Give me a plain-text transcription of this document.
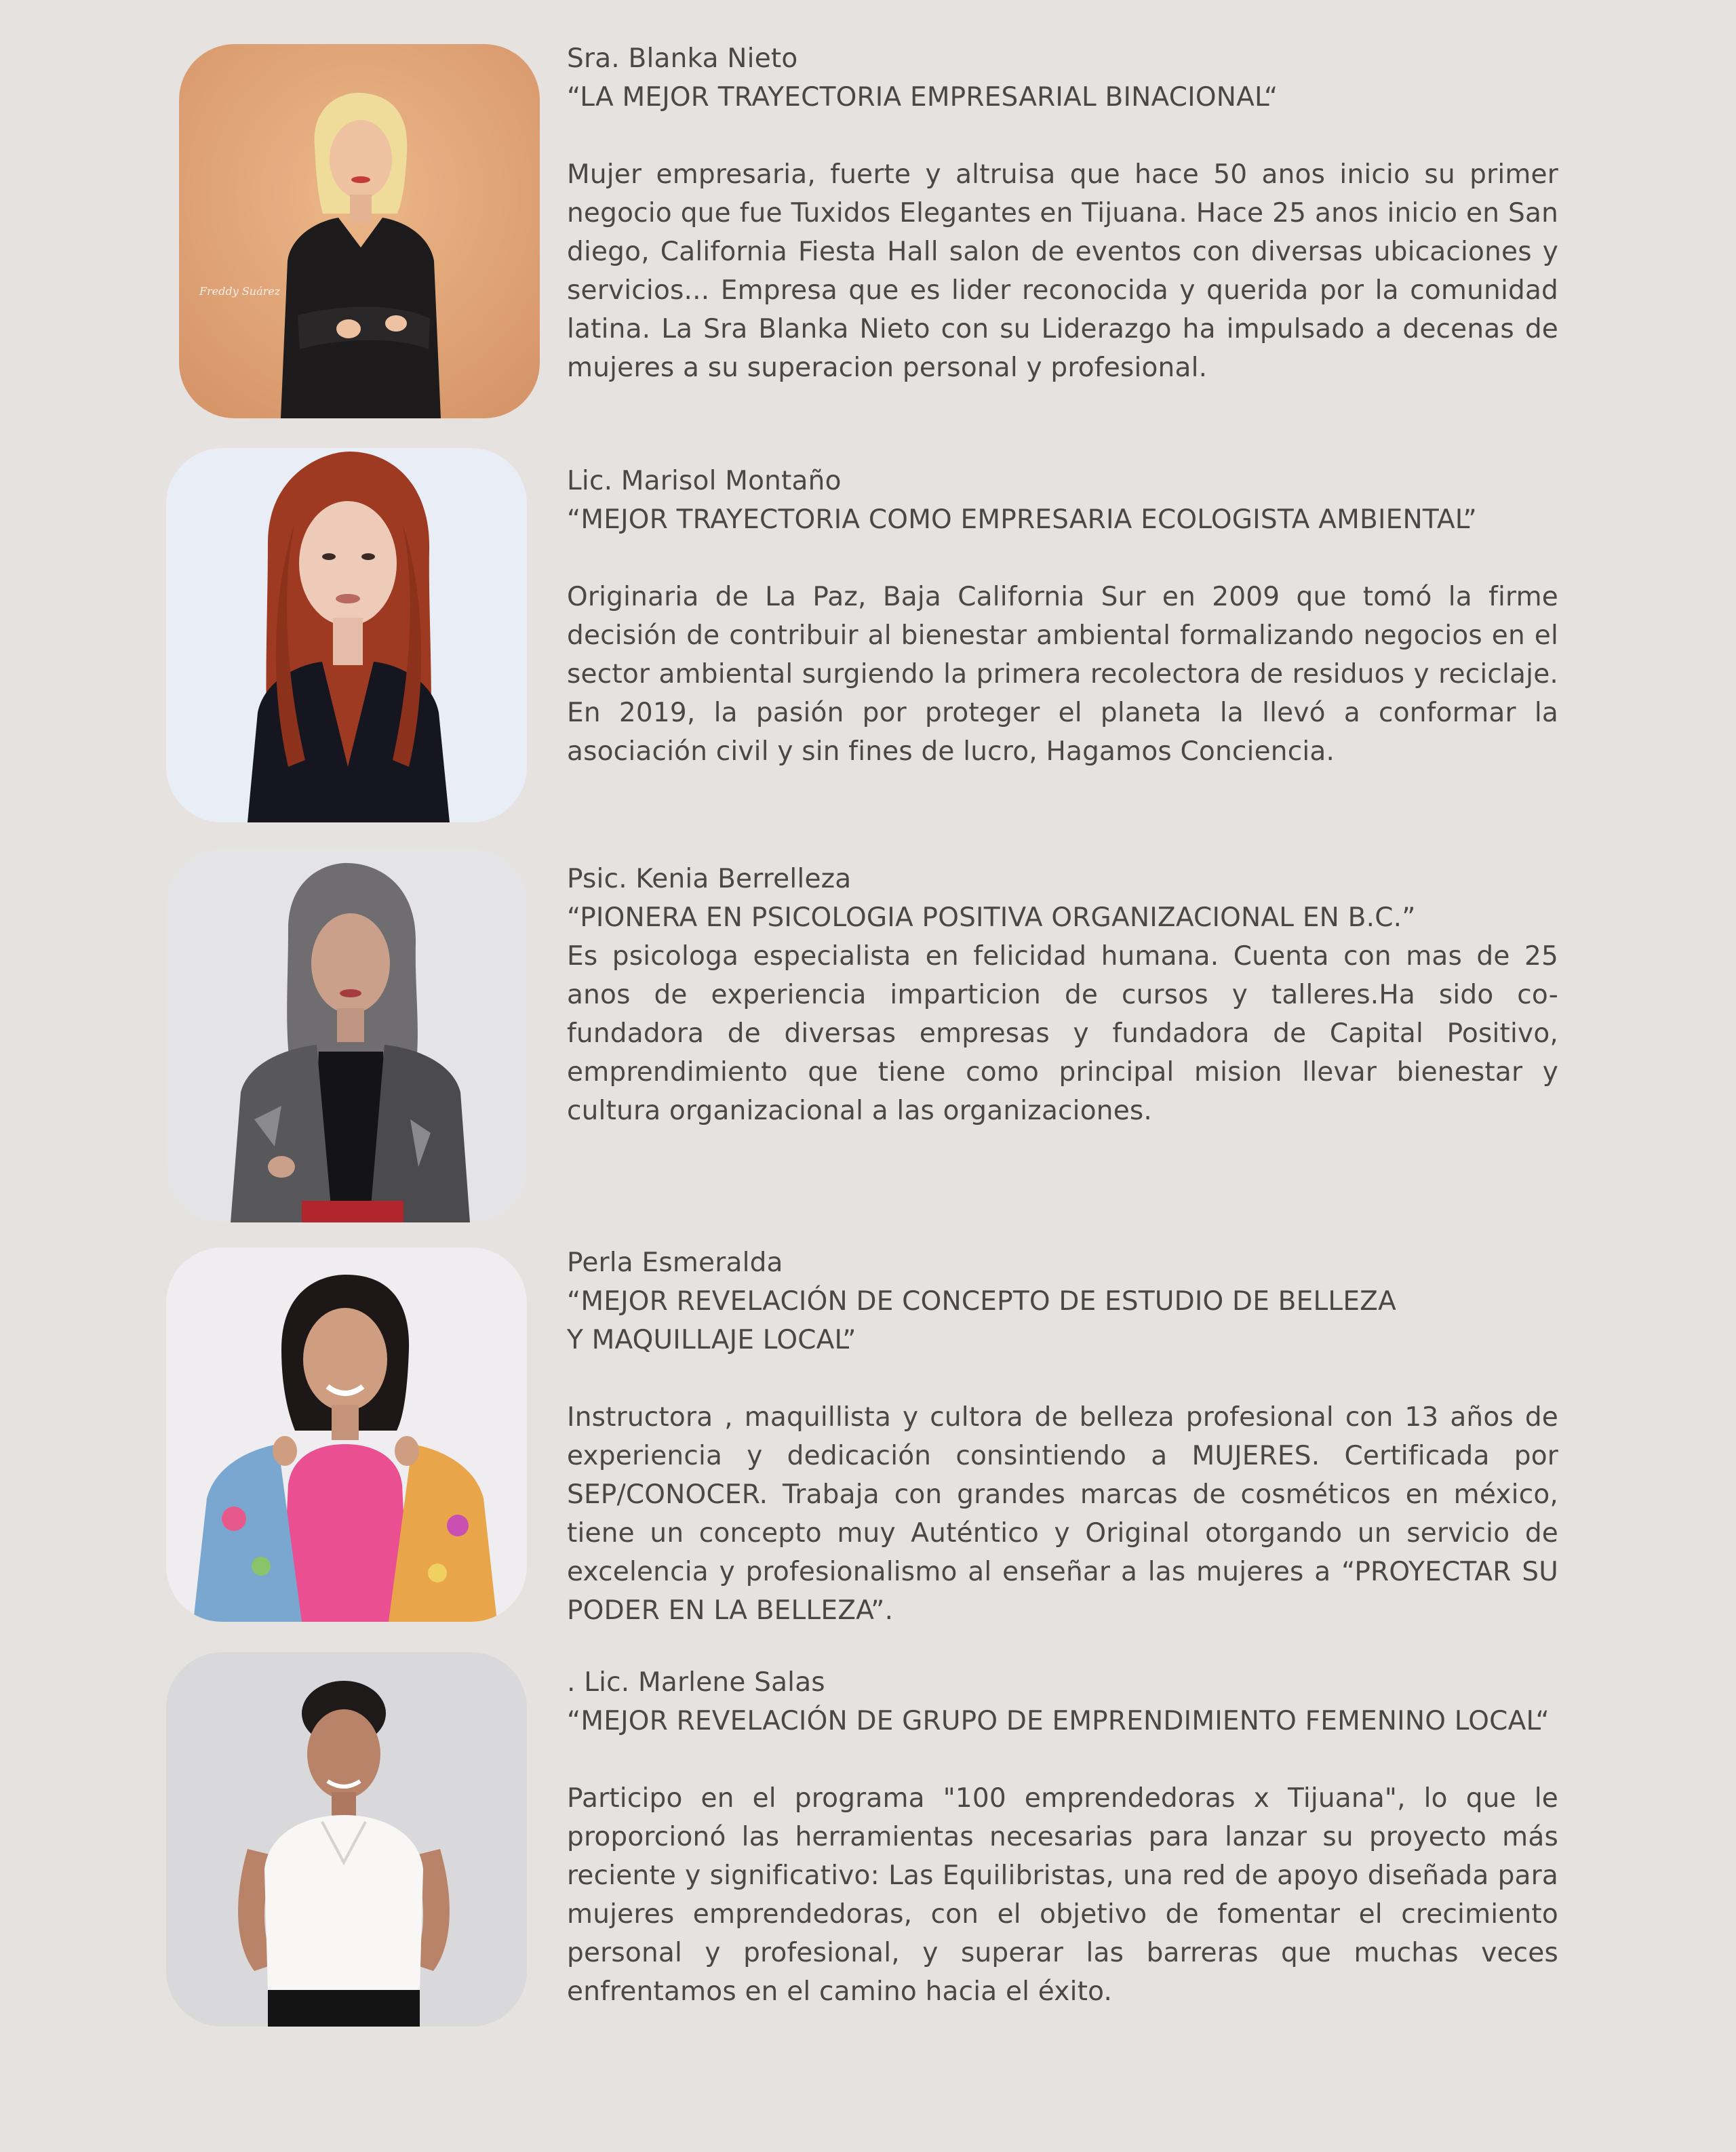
Freddy Suárez
Sra. Blanka Nieto
“LA MEJOR TRAYECTORIA EMPRESARIAL BINACIONAL“
Mujer empresaria, fuerte y altruisa que hace 50 anos inicio su primer negocio que fue Tuxidos Elegantes en Tijuana. Hace 25 anos inicio en San diego, California Fiesta Hall salon de eventos con diversas ubicaciones y servicios... Empresa que es lider reconocida y querida por la comunidad latina. La Sra Blanka Nieto con su Liderazgo ha impulsado a decenas de mujeres a su superacion personal y profesional.
Lic. Marisol Montaño
“MEJOR TRAYECTORIA COMO EMPRESARIA ECOLOGISTA AMBIENTAL”
Originaria de La Paz, Baja California Sur en 2009 que tomó la firme decisión de contribuir al bienestar ambiental formalizando negocios en el sector ambiental surgiendo la primera recolectora de residuos y reciclaje. En 2019, la pasión por proteger el planeta la llevó a conformar la asociación civil y sin fines de lucro, Hagamos Conciencia.
Psic. Kenia Berrelleza
“PIONERA EN PSICOLOGIA POSITIVA ORGANIZACIONAL EN B.C.”
Es psicologa especialista en felicidad humana. Cuenta con mas de 25 anos de experiencia imparticion de cursos y talleres.Ha sido co-fundadora de diversas empresas y fundadora de Capital Positivo, emprendimiento que tiene como principal mision llevar bienestar y cultura organizacional a las organizaciones.
Perla Esmeralda
“MEJOR REVELACIÓN DE CONCEPTO DE ESTUDIO DE BELLEZA
Y MAQUILLAJE LOCAL”
Instructora , maquillista y cultora de belleza profesional con 13 años de experiencia y dedicación consintiendo a MUJERES. Certificada por SEP/CONOCER. Trabaja con grandes marcas de cosméticos en méxico, tiene un concepto muy Auténtico y Original otorgando un servicio de excelencia y profesionalismo al enseñar a las mujeres a “PROYECTAR SU PODER EN LA BELLEZA”.
. Lic. Marlene Salas
“MEJOR REVELACIÓN DE GRUPO DE EMPRENDIMIENTO FEMENINO LOCAL“
Participo en el programa "100 emprendedoras x Tijuana", lo que le proporcionó las herramientas necesarias para lanzar su proyecto más reciente y significativo: Las Equilibristas, una red de apoyo diseñada para mujeres emprendedoras, con el objetivo de fomentar el crecimiento personal y profesional, y superar las barreras que muchas veces enfrentamos en el camino hacia el éxito.
